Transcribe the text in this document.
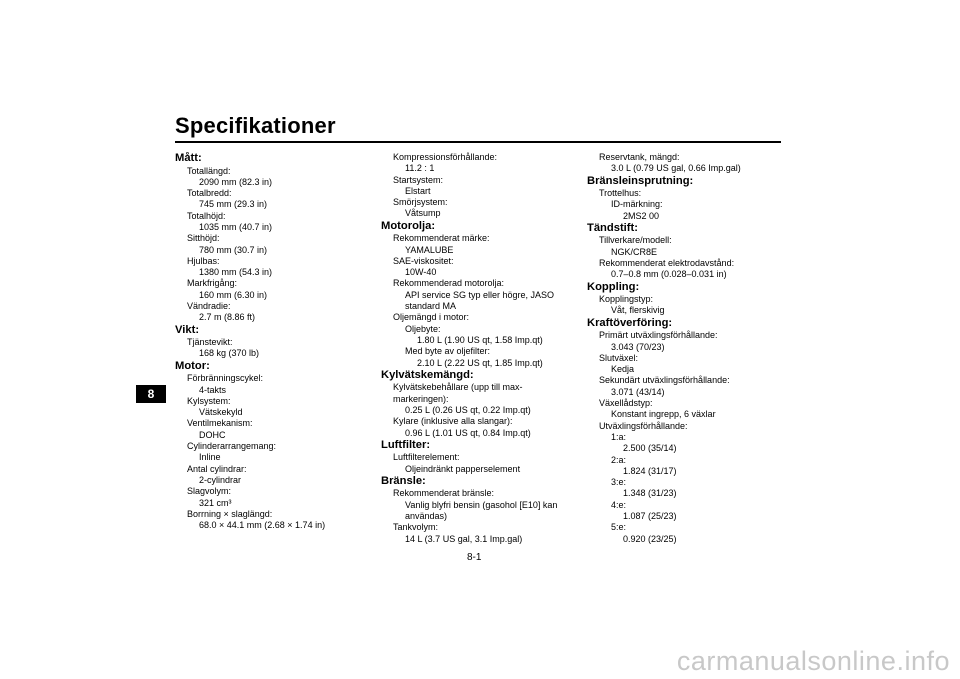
Specifikationer
8
Mått:
Totallängd:
2090 mm (82.3 in)
Totalbredd:
745 mm (29.3 in)
Totalhöjd:
1035 mm (40.7 in)
Sitthöjd:
780 mm (30.7 in)
Hjulbas:
1380 mm (54.3 in)
Markfrigång:
160 mm (6.30 in)
Vändradie:
2.7 m (8.86 ft)
Vikt:
Tjänstevikt:
168 kg (370 lb)
Motor:
Förbränningscykel:
4-takts
Kylsystem:
Vätskekyld
Ventilmekanism:
DOHC
Cylinderarrangemang:
Inline
Antal cylindrar:
2-cylindrar
Slagvolym:
321 cm³
Borrning × slaglängd:
68.0 × 44.1 mm (2.68 × 1.74 in)
Kompressionsförhållande:
11.2 : 1
Startsystem:
Elstart
Smörjsystem:
Våtsump
Motorolja:
Rekommenderat märke:
YAMALUBE
SAE-viskositet:
10W-40
Rekommenderad motorolja:
API service SG typ eller högre, JASO
standard MA
Oljemängd i motor:
Oljebyte:
1.80 L (1.90 US qt, 1.58 Imp.qt)
Med byte av oljefilter:
2.10 L (2.22 US qt, 1.85 Imp.qt)
Kylvätskemängd:
Kylvätskebehållare (upp till max-
markeringen):
0.25 L (0.26 US qt, 0.22 Imp.qt)
Kylare (inklusive alla slangar):
0.96 L (1.01 US qt, 0.84 Imp.qt)
Luftfilter:
Luftfilterelement:
Oljeindränkt papperselement
Bränsle:
Rekommenderat bränsle:
Vanlig blyfri bensin (gasohol [E10] kan
användas)
Tankvolym:
14 L (3.7 US gal, 3.1 Imp.gal)
Reservtank, mängd:
3.0 L (0.79 US gal, 0.66 Imp.gal)
Bränsleinsprutning:
Trottelhus:
ID-märkning:
2MS2 00
Tändstift:
Tillverkare/modell:
NGK/CR8E
Rekommenderat elektrodavstånd:
0.7–0.8 mm (0.028–0.031 in)
Koppling:
Kopplingstyp:
Våt, flerskivig
Kraftöverföring:
Primärt utväxlingsförhållande:
3.043 (70/23)
Slutväxel:
Kedja
Sekundärt utväxlingsförhållande:
3.071 (43/14)
Växellådstyp:
Konstant ingrepp, 6 växlar
Utväxlingsförhållande:
1:a:
2.500 (35/14)
2:a:
1.824 (31/17)
3:e:
1.348 (31/23)
4:e:
1.087 (25/23)
5:e:
0.920 (23/25)
8-1
carmanualsonline.info
